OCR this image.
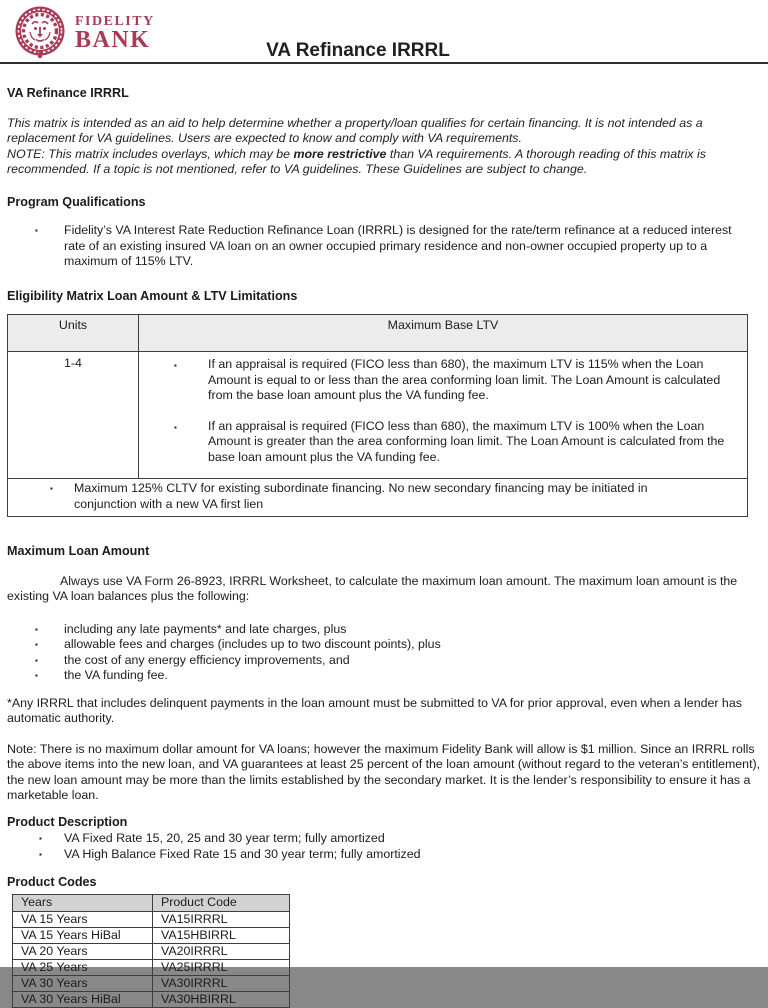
FIDELITY
BANK	VA Refinance IRRRL
VA Refinance IRRRL
This matrix is intended as an aid to help determine whether a property/loan qualifies for certain financing. It is not intended as a replacement for VA guidelines. Users are expected to know and comply with VA requirements.
NOTE: This matrix includes overlays, which may be more restrictive than VA requirements. A thorough reading of this matrix is recommended. If a topic is not mentioned, refer to VA guidelines. These Guidelines are subject to change.
Program Qualifications
▪	Fidelity’s VA Interest Rate Reduction Refinance Loan (IRRRL) is designed for the rate/term refinance at a reduced interest rate of an existing insured VA loan on an owner occupied primary residence and non-owner occupied property up to a maximum of 115% LTV.
Eligibility Matrix Loan Amount & LTV Limitations
Units	Maximum Base LTV
1-4	▪ If an appraisal is required (FICO less than 680), the maximum LTV is 115% when the Loan Amount is equal to or less than the area conforming loan limit. The Loan Amount is calculated from the base loan amount plus the VA funding fee.
▪ If an appraisal is required (FICO less than 680), the maximum LTV is 100% when the Loan Amount is greater than the area conforming loan limit. The Loan Amount is calculated from the base loan amount plus the VA funding fee.

▪ Maximum 125% CLTV for existing subordinate financing. No new secondary financing may be initiated in conjunction with a new VA first lien	
Maximum Loan Amount

Always use VA Form 26-8923, IRRRL Worksheet, to calculate the maximum loan amount. The maximum loan amount is the existing VA loan balances plus the following:

▪	including any late payments* and late charges, plus
▪	allowable fees and charges (includes up to two discount points), plus
▪	the cost of any energy efficiency improvements, and
▪	the VA funding fee.

*Any IRRRL that includes delinquent payments in the loan amount must be submitted to VA for prior approval, even when a lender has automatic authority.

Note: There is no maximum dollar amount for VA loans; however the maximum Fidelity Bank will allow is $1 million. Since an IRRRL rolls the above items into the new loan, and VA guarantees at least 25 percent of the loan amount (without regard to the veteran’s entitlement), the new loan amount may be more than the limits established by the secondary market. It is the lender’s responsibility to ensure it has a marketable loan.

Product Description
▪	VA Fixed Rate 15, 20, 25 and 30 year term; fully amortized
▪	VA High Balance Fixed Rate 15 and 30 year term; fully amortized
Product Codes
Years	Product Code
VA 15 Years	VA15IRRRL
VA 15 Years HiBal	VA15HBIRRL
VA 20 Years	VA20IRRRL
VA 25 Years	VA25IRRRL
VA 30 Years	VA30IRRRL
VA 30 Years HiBal	VA30HBIRRL
